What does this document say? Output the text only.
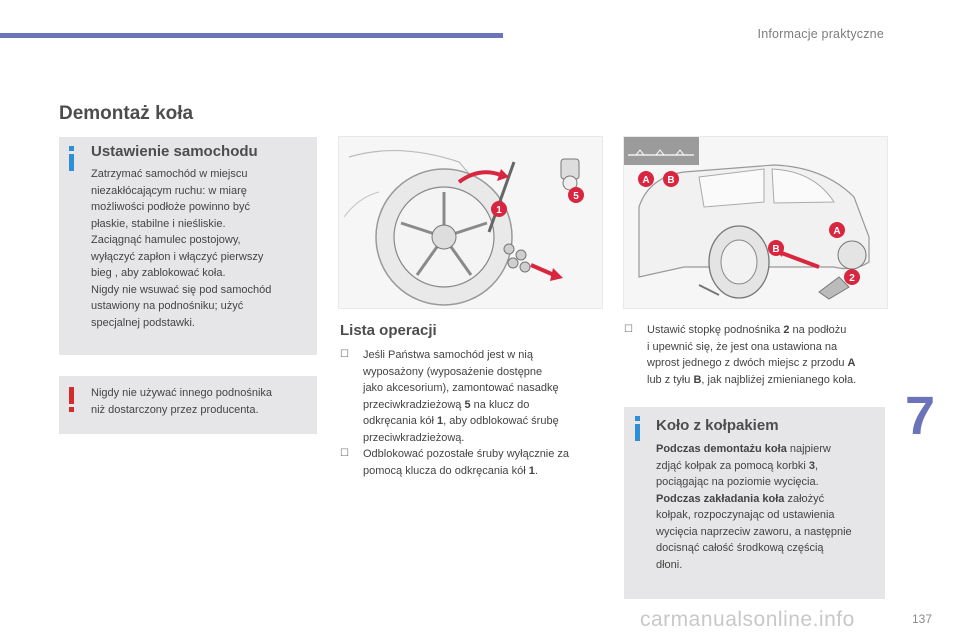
Informacje praktyczne
Demontaż koła
Ustawienie samochodu

Zatrzymać samochód w miejscu

niezakłócającym ruchu: w miarę

możliwości podłoże powinno być

płaskie, stabilne i nieśliskie.

Zaciągnąć hamulec postojowy,

wyłączyć zapłon i włączyć pierwszy

bieg , aby zablokować koła.

Nigdy nie wsuwać się pod samochód

ustawiony na podnośniku; użyć

specjalnej podstawki.

Nigdy nie używać innego podnośnika

niż dostarczony przez producenta.

1
5
A B
A
B
2
Lista operacji
☐ Jeśli Państwa samochód jest w nią
wyposażony (wyposażenie dostępne
jako akcesorium), zamontować nasadkę
przeciwkradzieżową 5 na klucz do
odkręcania kół 1, aby odblokować śrubę
przeciwkradzieżową.
☐ Odblokować pozostałe śruby wyłącznie za
pomocą klucza do odkręcania kół 1.
☐ Ustawić stopkę podnośnika 2 na podłożu
i upewnić się, że jest ona ustawiona na
wprost jednego z dwóch miejsc z przodu A
lub z tyłu B, jak najbliżej zmienianego koła.
Koło z kołpakiem

Podczas demontażu koła najpierw

zdjąć kołpak za pomocą korbki 3,

pociągając na poziomie wycięcia.

Podczas zakładania koła założyć

kołpak, rozpoczynając od ustawienia

wycięcia naprzeciw zaworu, a następnie

docisnąć całość środkową częścią

dłoni.

7
carmanualsonline.info	137
